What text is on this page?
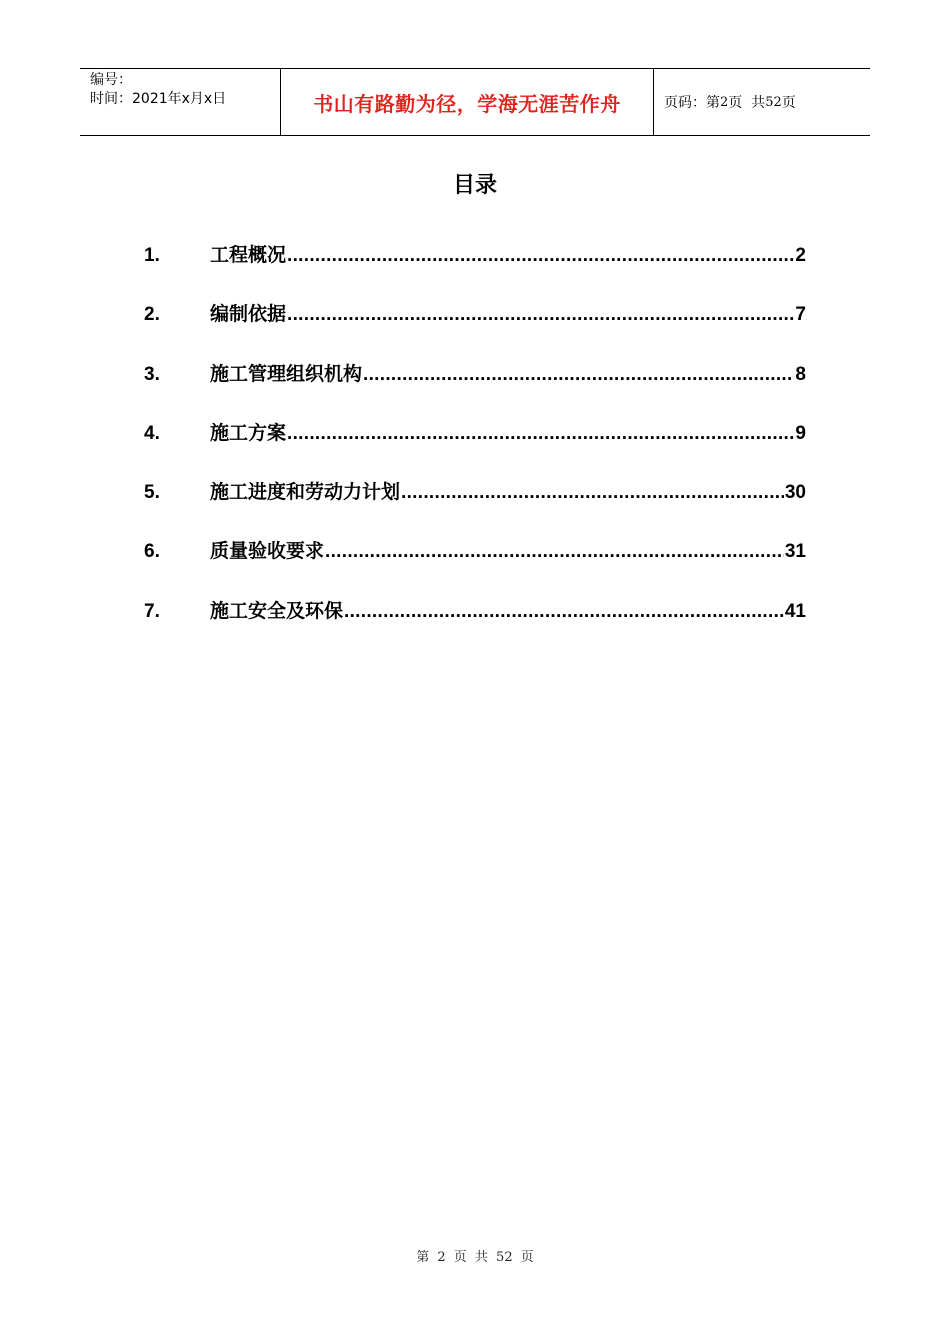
编号：
时间：2021年x月x日	书山有路勤为径，学海无涯苦作舟	页码：第 2 页  共 52 页
目录
1.	工程概况 .....	2
2.	编制依据 .....	7
3.	施工管理组织机构 .....	8
4.	施工方案 .....	9
5.	施工进度和劳动力计划 .....	30
6.	质量验收要求 .....	31
7.	施工安全及环保 .....	41
第 2 页 共 52 页
